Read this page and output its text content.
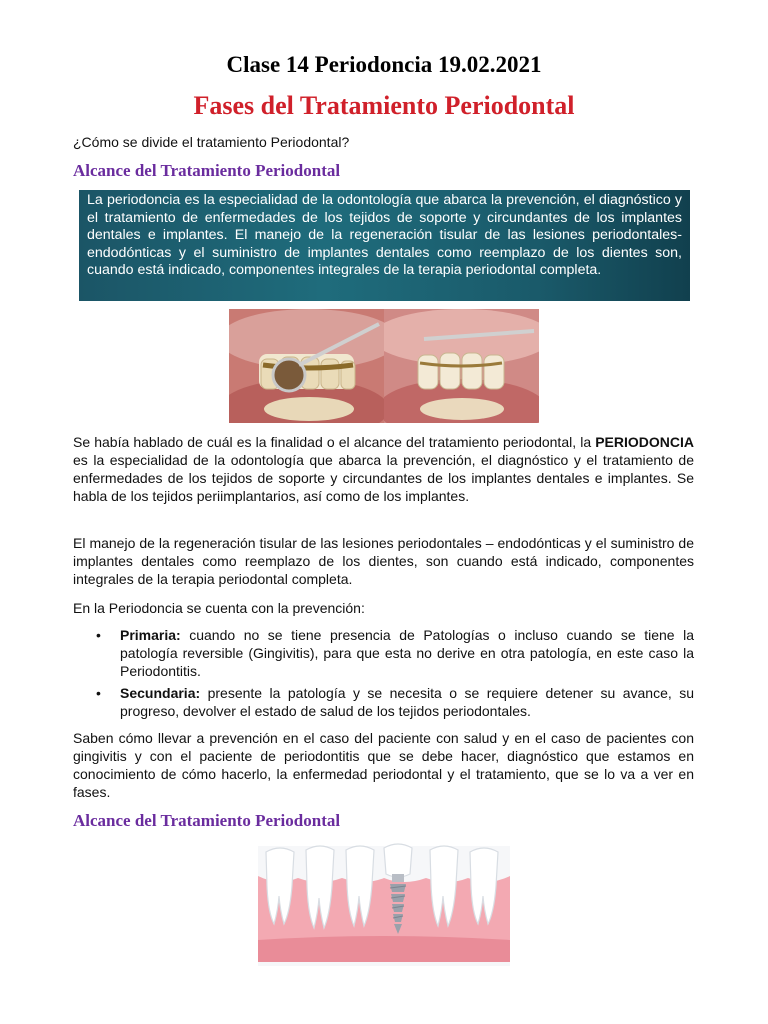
Clase 14 Periodoncia 19.02.2021
Fases del Tratamiento Periodontal
¿Cómo se divide el tratamiento Periodontal?
Alcance del Tratamiento Periodontal
La periodoncia es la especialidad de la odontología que abarca la prevención, el diagnóstico y el tratamiento de enfermedades de los tejidos de soporte y circundantes de los implantes dentales e implantes. El manejo de la regeneración tisular de las lesiones periodontales-endodónticas y el suministro de implantes dentales como reemplazo de los dientes son, cuando está indicado, componentes integrales de la terapia periodontal completa.

Se había hablado de cuál es la finalidad o el alcance del tratamiento periodontal, la PERIODONCIA es la especialidad de la odontología que abarca la prevención, el diagnóstico y el tratamiento de enfermedades de los tejidos de soporte y circundantes de los implantes dentales e implantes. Se habla de los tejidos periimplantarios, así como de los implantes.

El manejo de la regeneración tisular de las lesiones periodontales – endodónticas y el suministro de implantes dentales como reemplazo de los dientes, son cuando está indicado, componentes integrales de la terapia periodontal completa.

En la Periodoncia se cuenta con la prevención:

• Primaria: cuando no se tiene presencia de Patologías o incluso cuando se tiene la patología reversible (Gingivitis), para que esta no derive en otra patología, en este caso la Periodontitis.
• Secundaria: presente la patología y se necesita o se requiere detener su avance, su progreso, devolver el estado de salud de los tejidos periodontales.

Saben cómo llevar a prevención en el caso del paciente con salud y en el caso de pacientes con gingivitis y con el paciente de periodontitis que se debe hacer, diagnóstico que estamos en conocimiento de cómo hacerlo, la enfermedad periodontal y el tratamiento, que se lo va a ver en fases.

Alcance del Tratamiento Periodontal
